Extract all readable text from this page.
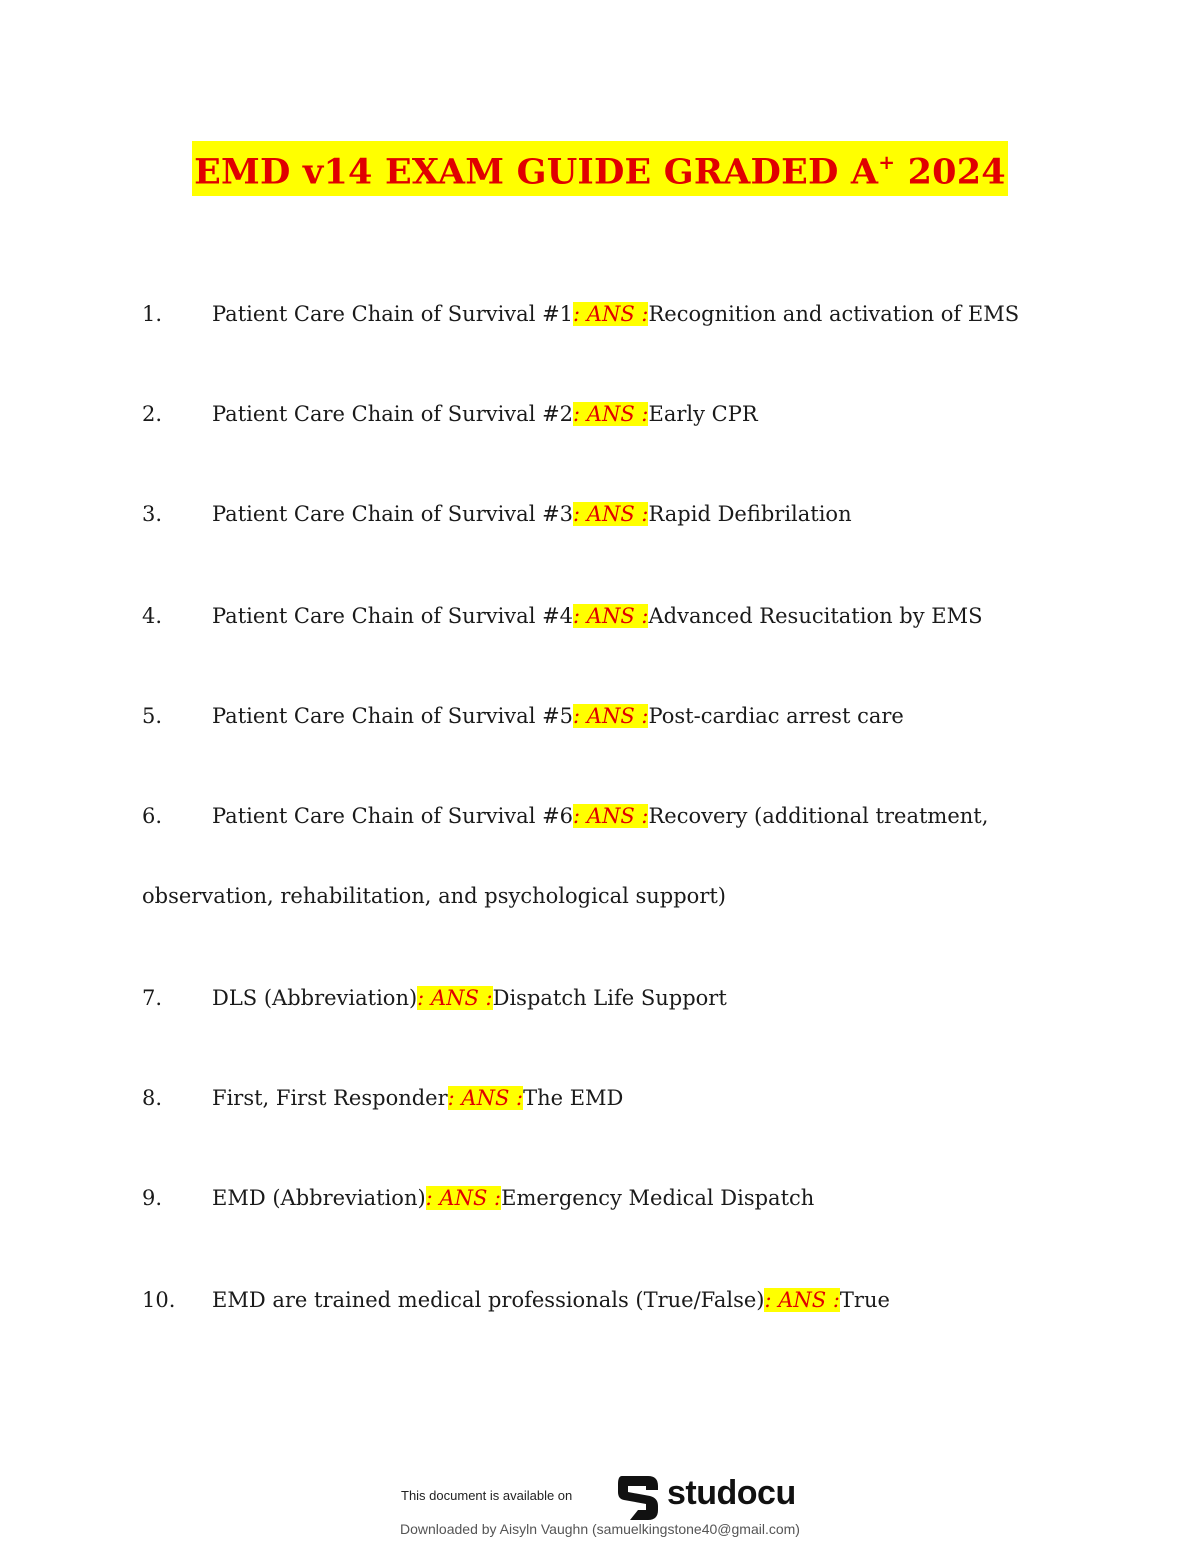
EMD v14 EXAM GUIDE GRADED A+ 2024
1. Patient Care Chain of Survival #1: ANS :Recognition and activation of EMS
2. Patient Care Chain of Survival #2: ANS :Early CPR
3. Patient Care Chain of Survival #3: ANS :Rapid Defibrilation
4. Patient Care Chain of Survival #4: ANS :Advanced Resucitation by EMS
5. Patient Care Chain of Survival #5: ANS :Post-cardiac arrest care
6. Patient Care Chain of Survival #6: ANS :Recovery (additional treatment,
observation, rehabilitation, and psychological support)
7. DLS (Abbreviation): ANS :Dispatch Life Support
8. First, First Responder: ANS :The EMD
9. EMD (Abbreviation): ANS :Emergency Medical Dispatch
10. EMD are trained medical professionals (True/False): ANS :True
This document is available on	studocu
Downloaded by Aisyln Vaughn (samuelkingstone40@gmail.com)
